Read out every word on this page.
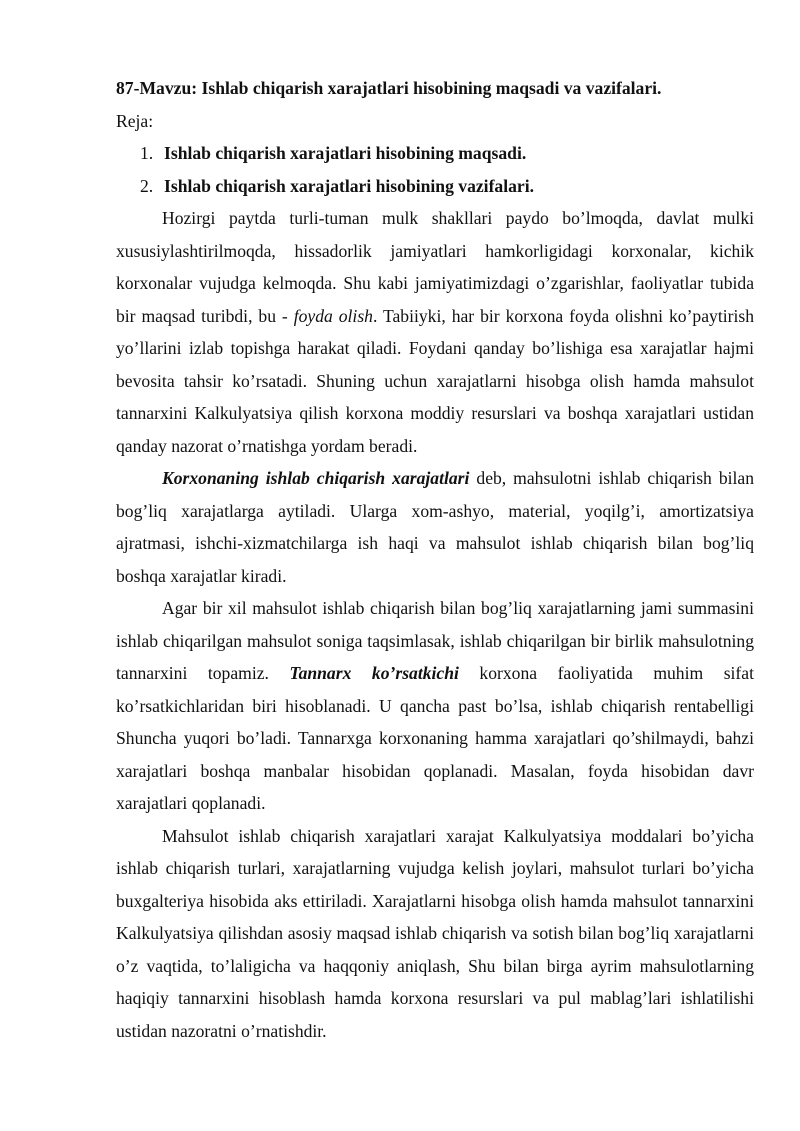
87-Mavzu: Ishlab chiqarish xarajatlari hisobining maqsadi va vazifalari.

Reja:

1. Ishlab chiqarish xarajatlari hisobining maqsadi.
2. Ishlab chiqarish xarajatlari hisobining vazifalari.

Hozirgi paytda turli-tuman mulk shakllari paydo bo’lmoqda, davlat mulki xususiylashtirilmoqda, hissadorlik jamiyatlari hamkorligidagi korxonalar, kichik korxonalar vujudga kelmoqda. Shu kabi jamiyatimizdagi o’zgarishlar, faoliyatlar tubida bir maqsad turibdi, bu - foyda olish. Tabiiyki, har bir korxona foyda olishni ko’paytirish yo’llarini izlab topishga harakat qiladi. Foydani qanday bo’lishiga esa xarajatlar hajmi bevosita tahsir ko’rsatadi. Shuning uchun xarajatlarni hisobga olish hamda mahsulot tannarxini Kalkulyatsiya qilish korxona moddiy resurslari va boshqa xarajatlari ustidan qanday nazorat o’rnatishga yordam beradi.

Korxonaning ishlab chiqarish xarajatlari deb, mahsulotni ishlab chiqarish bilan bog’liq xarajatlarga aytiladi. Ularga xom-ashyo, material, yoqilg’i, amortizatsiya ajratmasi, ishchi-xizmatchilarga ish haqi va mahsulot ishlab chiqarish bilan bog’liq boshqa xarajatlar kiradi.

Agar bir xil mahsulot ishlab chiqarish bilan bog’liq xarajatlarning jami summasini ishlab chiqarilgan mahsulot soniga taqsimlasak, ishlab chiqarilgan bir birlik mahsulotning tannarxini topamiz. Tannarx ko’rsatkichi korxona faoliyatida muhim sifat ko’rsatkichlaridan biri hisoblanadi. U qancha past bo’lsa, ishlab chiqarish rentabelligi Shuncha yuqori bo’ladi. Tannarxga korxonaning hamma xarajatlari qo’shilmaydi, bahzi xarajatlari boshqa manbalar hisobidan qoplanadi. Masalan, foyda hisobidan davr xarajatlari qoplanadi.

Mahsulot ishlab chiqarish xarajatlari xarajat Kalkulyatsiya moddalari bo’yicha ishlab chiqarish turlari, xarajatlarning vujudga kelish joylari, mahsulot turlari bo’yicha buxgalteriya hisobida aks ettiriladi. Xarajatlarni hisobga olish hamda mahsulot tannarxini Kalkulyatsiya qilishdan asosiy maqsad ishlab chiqarish va sotish bilan bog’liq xarajatlarni o’z vaqtida, to’laligicha va haqqoniy aniqlash, Shu bilan birga ayrim mahsulotlarning haqiqiy tannarxini hisoblash hamda korxona resurslari va pul mablag’lari ishlatilishi ustidan nazoratni o’rnatishdir.
